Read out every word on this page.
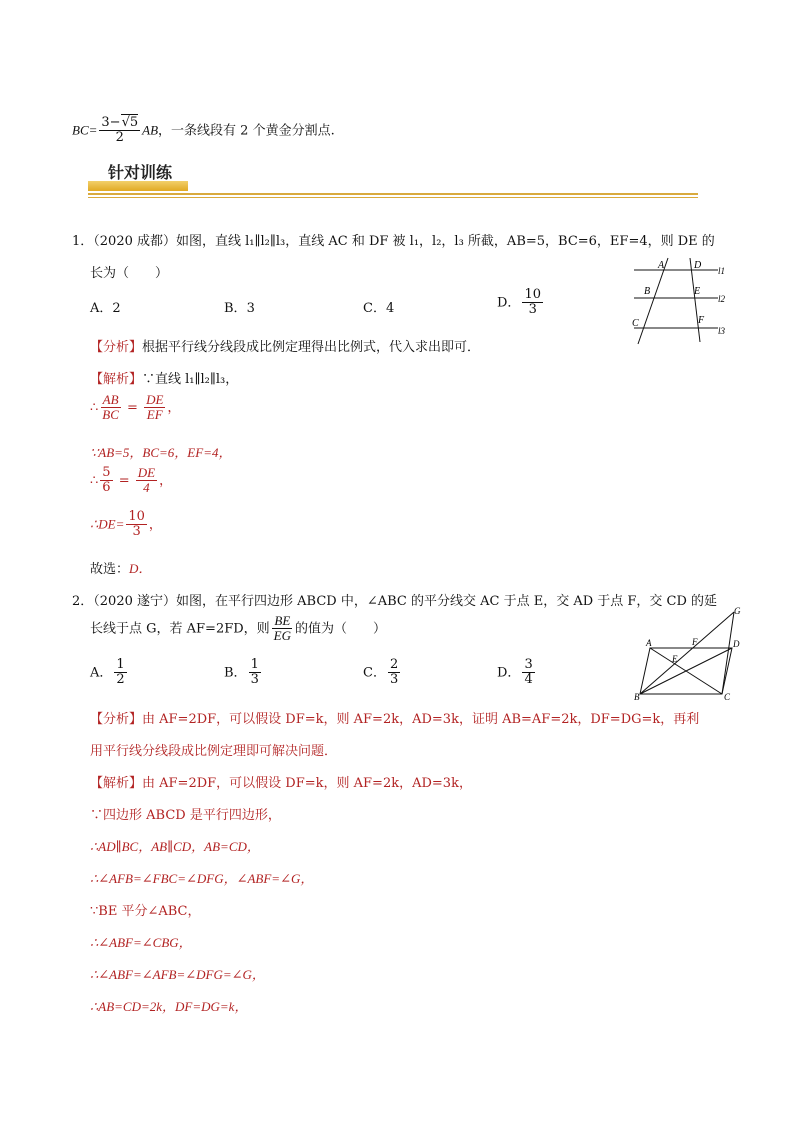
$BC= \frac{3-√5}{2}$ AB，一条线段有 2 个黄金分割点.
针对训练
1．（2020 成都）如图，直线 l₁∥l₂∥l₃，直线 AC 和 DF 被 l₁，l₂，l₃ 所截，AB=5，BC=6，EF=4，则 DE 的
长为（　　）
A．2	B．3	C．4	D． $\frac{10}{3}$
A	D
B	E
C	F
l1
l2
l3
【分析】根据平行线分线段成比例定理得出比例式，代入求出即可．
【解析】∵直线 l₁∥l₂∥l₃，
∴ $\frac{AB}{BC} = \frac{DE}{EF}$ ，
∵AB=5，BC=6，EF=4，
∴ $\frac{5}{6} = \frac{DE}{4}$ ，
∴DE= $\frac{10}{3}$ ，
故选：D．
2．（2020 遂宁）如图，在平行四边形 ABCD 中，∠ABC 的平分线交 AC 于点 E，交 AD 于点 F，交 CD 的延
长线于点 G，若 AF=2FD，则 $\frac{BE}{EG}$ 的值为（　　）
A． $\frac{1}{2}$	B． $\frac{1}{3}$	C． $\frac{2}{3}$	D． $\frac{3}{4}$
G
A	F	D
E
B	C
【分析】由 AF=2DF，可以假设 DF=k，则 AF=2k，AD=3k，证明 AB=AF=2k，DF=DG=k，再利
用平行线分线段成比例定理即可解决问题．
【解析】由 AF=2DF，可以假设 DF=k，则 AF=2k，AD=3k，
∵四边形 ABCD 是平行四边形，
∴AD∥BC，AB∥CD，AB=CD，
∴∠AFB=∠FBC=∠DFG，∠ABF=∠G，
∵BE 平分∠ABC，
∴∠ABF=∠CBG，
∴∠ABF=∠AFB=∠DFG=∠G，
∴AB=CD=2k，DF=DG=k，
